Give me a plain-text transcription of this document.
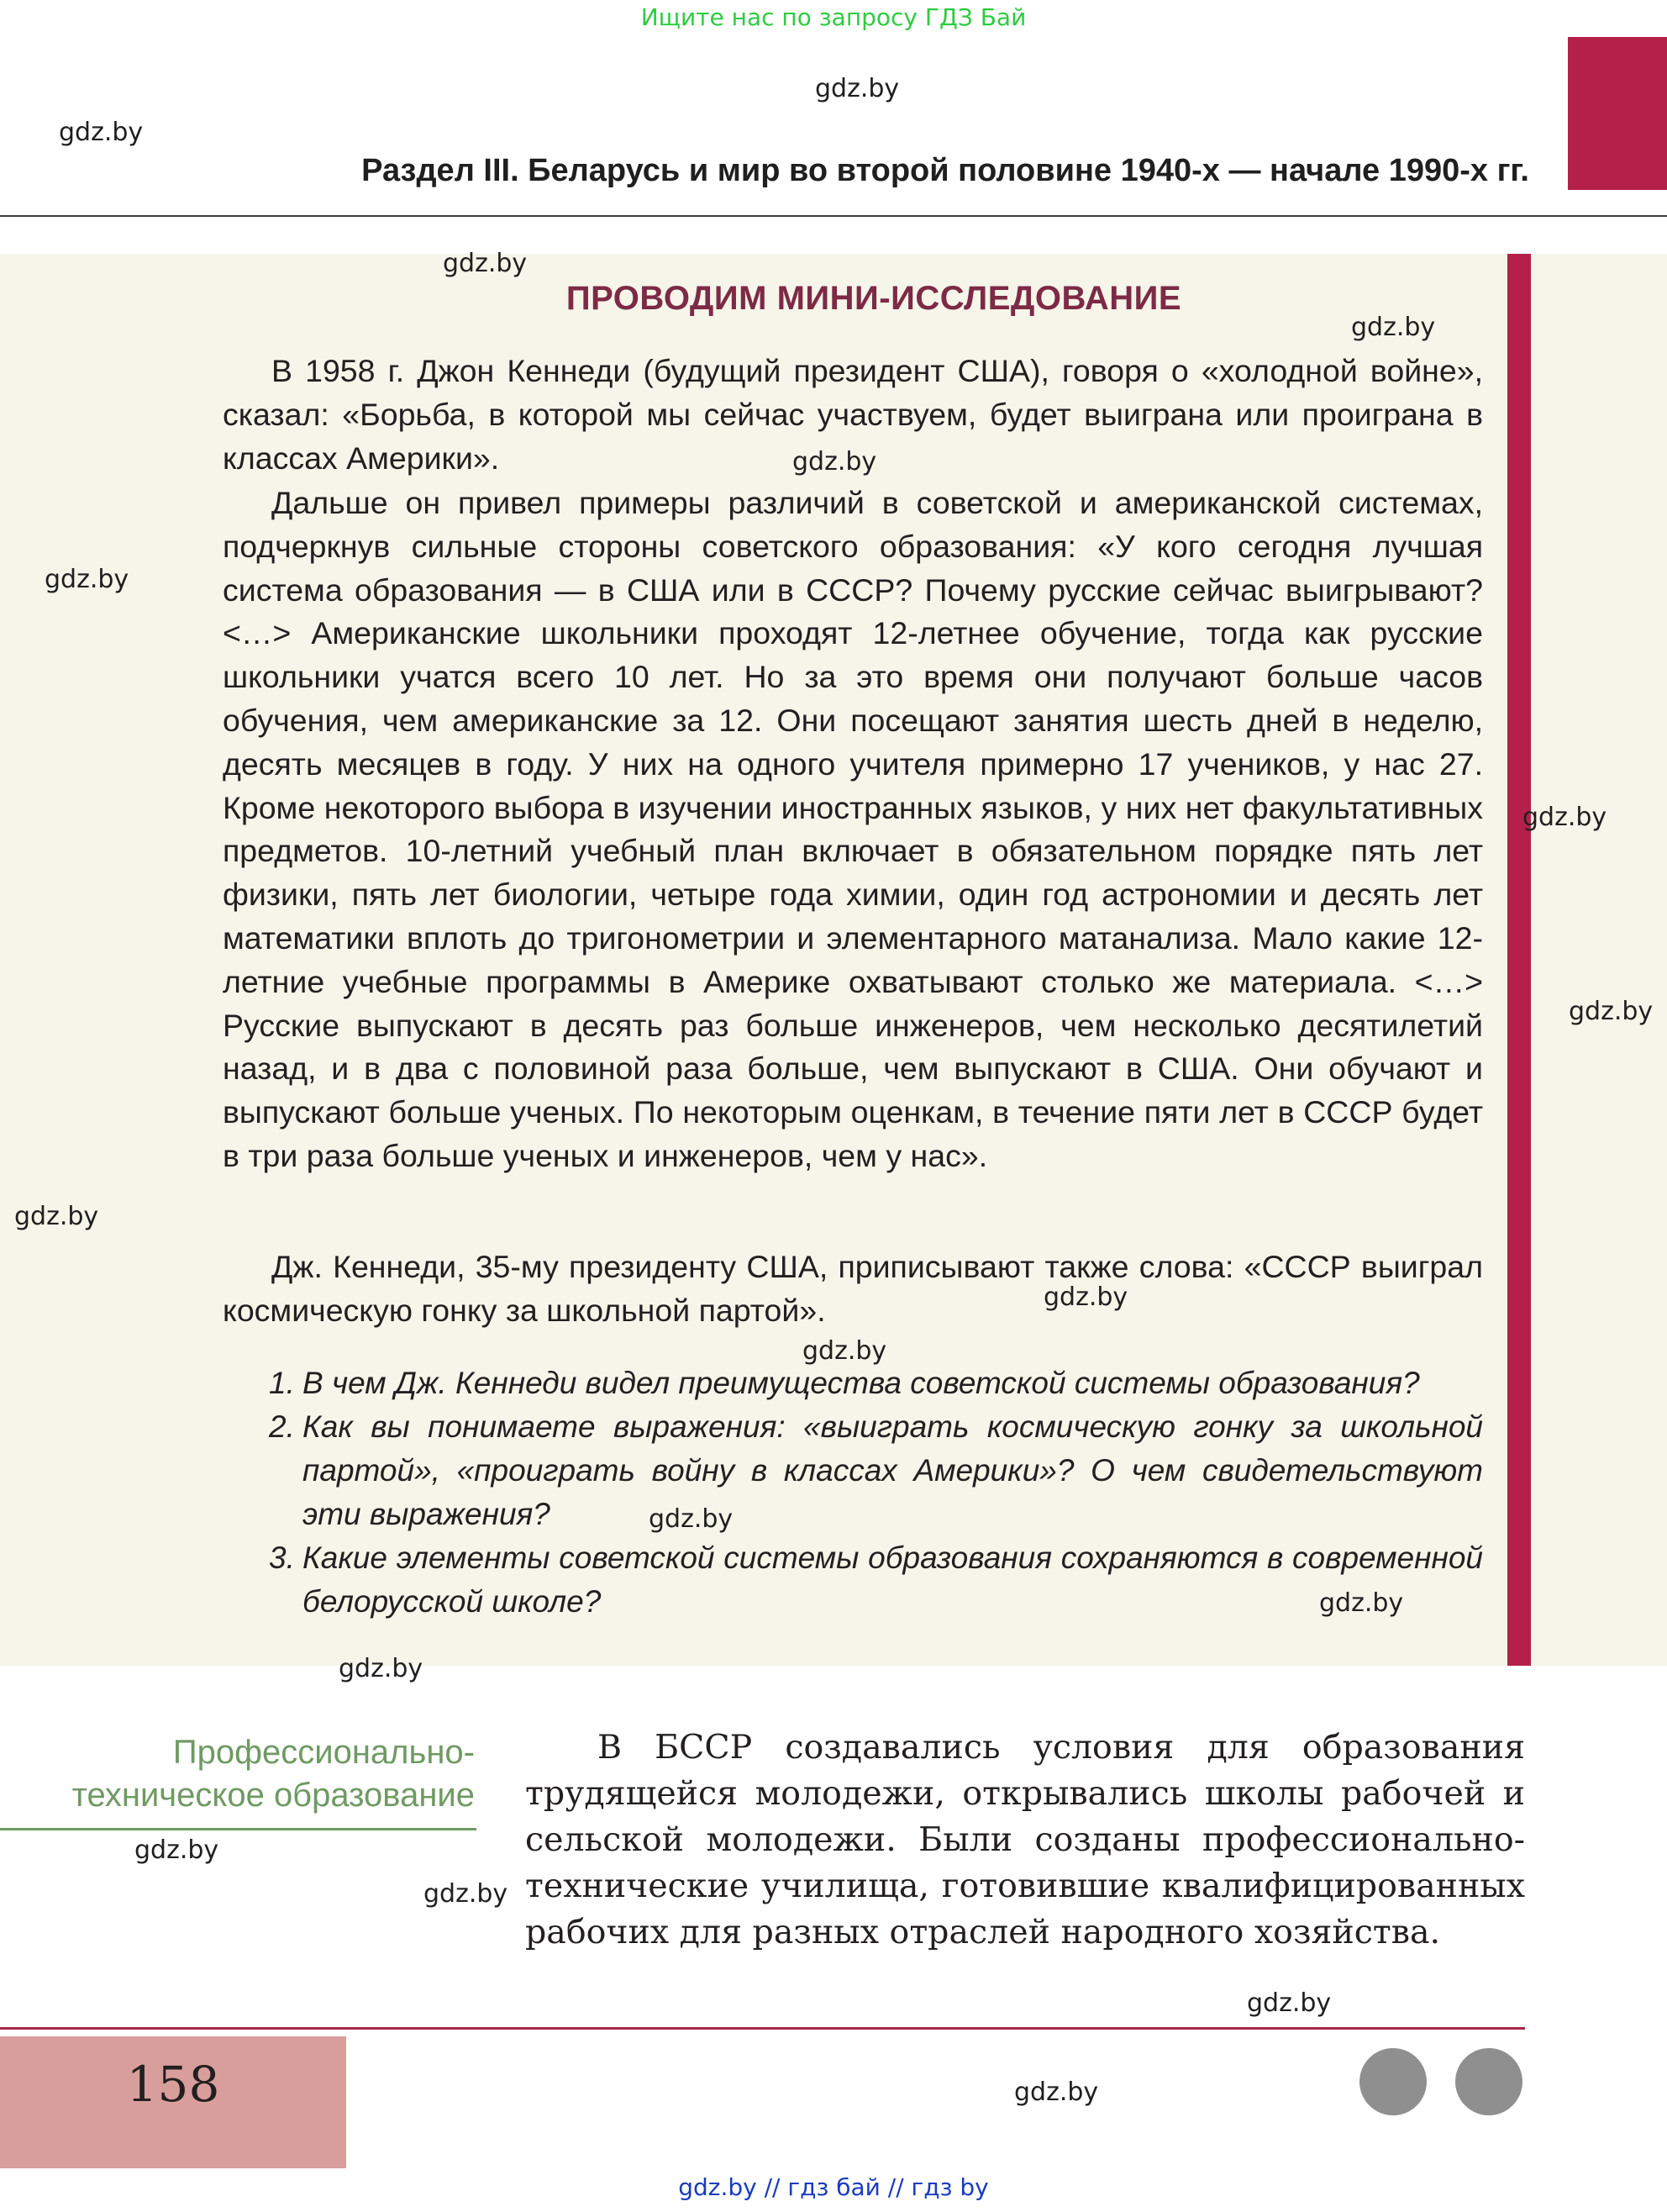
Ищите нас по запросу ГДЗ Бай
Раздел III. Беларусь и мир во второй половине 1940-х — начале 1990-х гг.
ПРОВОДИМ МИНИ-ИССЛЕДОВАНИЕ

В 1958 г. Джон Кеннеди (будущий президент США), говоря о «холодной войне», сказал: «Борьба, в которой мы сейчас участвуем, будет выиграна или проиграна в классах Америки».

Дальше он привел примеры различий в советской и американской системах, подчеркнув сильные стороны советского образования: «У кого сегодня лучшая система образования — в США или в СССР? Почему русские сейчас выигрывают? <…> Американские школьники проходят 12-летнее обучение, тогда как русские школьники учатся всего 10 лет. Но за это время они получают больше часов обучения, чем американские за 12. Они посещают занятия шесть дней в неделю, десять месяцев в году. У них на одного учителя примерно 17 учеников, у нас 27. Кроме некоторого выбора в изучении иностранных языков, у них нет факультативных предметов. 10-летний учебный план включает в обязательном порядке пять лет физики, пять лет биологии, четыре года химии, один год астрономии и десять лет математики вплоть до тригонометрии и элементарного матанализа. Мало какие 12-летние учебные программы в Америке охватывают столько же материала. <…> Русские выпускают в десять раз больше инженеров, чем несколько десятилетий назад, и в два с половиной раза больше, чем выпускают в США. Они обучают и выпускают больше ученых. По некоторым оценкам, в течение пяти лет в СССР будет в три раза больше ученых и инженеров, чем у нас».

Дж. Кеннеди, 35-му президенту США, приписывают также слова: «СССР выиграл космическую гонку за школьной партой».

1. В чем Дж. Кеннеди видел преимущества советской системы образования?
2. Как вы понимаете выражения: «выиграть космическую гонку за школьной партой», «проиграть войну в классах Америки»? О чем свидетельствуют эти выражения?
3. Какие элементы советской системы образования сохраняются в современной белорусской школе?
Профессионально-
техническое образование

В БССР создавались условия для образования трудящейся молодежи, открывались школы рабочей и сельской молодежи. Были созданы профессионально-технические училища, готовившие квалифицированных рабочих для разных отраслей народного хозяйства.

gdz.by
gdz.by
gdz.by
gdz.by
gdz.by
gdz.by
gdz.by
gdz.by
gdz.by
gdz.by
gdz.by
gdz.by
gdz.by
gdz.by
gdz.by
gdz.by
gdz.by
gdz.by
158
gdz.by // гдз бай // гдз by
